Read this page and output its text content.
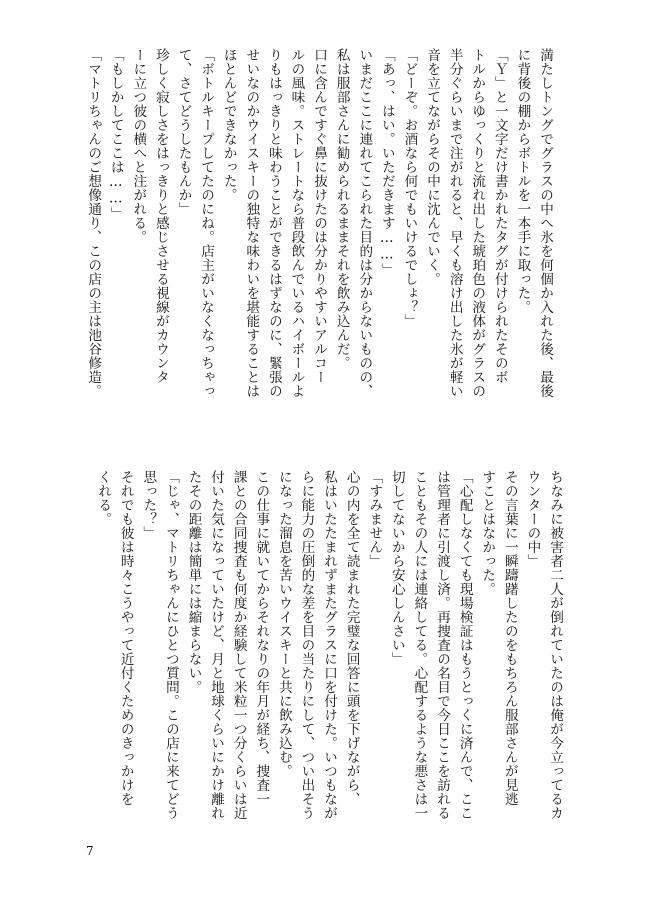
満たしトングでグラスの中へ氷を何個か入れた後、最後
に背後の棚からボトルを一本手に取った。
「Ｙ」と一文字だけ書かれたタグが付けられたそのボ
トルからゆっくりと流れ出した琥珀色の液体がグラスの
半分ぐらいまで注がれると、早くも溶け出した氷が軽い
音を立てながらその中に沈んでいく。
「どーぞ。お酒なら何でもいけるでしょ？」
「あっ、はい。いただきます……」
いまだここに連れてこられた目的は分からないものの、
私は服部さんに勧められるままそれを飲み込んだ。
口に含んですぐ鼻に抜けたのは分かりやすいアルコー
ルの風味。ストレートなら普段飲んでいるハイボールよ
りもはっきりと味わうことができるはずなのに、緊張の
せいなのかウイスキーの独特な味わいを堪能することは
ほとんどできなかった。
「ボトルキープしてたのにね。店主がいなくなっちゃっ
て、さてどうしたもんか」
珍しく寂しさをはっきりと感じさせる視線がカウンタ
ーに立つ彼の横へと注がれる。
「もしかしてここは……」
「マトリちゃんのご想像通り、この店の主は池谷修造。
ちなみに被害者二人が倒れていたのは俺が今立ってるカ
ウンターの中」
その言葉に一瞬躊躇したのをもちろん服部さんが見逃
すことはなかった。
「心配しなくても現場検証はもうとっくに済んで、ここ
は管理者に引渡し済。再捜査の名目で今日ここを訪れる
こともその人には連絡してる。心配するような悪さは一
切してないから安心しんさい」
「すみません」
心の内を全て読まれた完璧な回答に頭を下げながら、
私はいたたまれずまたグラスに口を付けた。いつもなが
らに能力の圧倒的な差を目の当たりにして、つい出そう
になった溜息を苦いウイスキーと共に飲み込む。
この仕事に就いてからそれなりの年月が経ち、捜査一
課との合同捜査も何度か経験して米粒一つ分くらいは近
付いた気になっていたけど、月と地球くらいにかけ離れ
たその距離は簡単には縮まらない。
「じゃ、マトリちゃんにひとつ質問。この店に来てどう
思った？」
それでも彼は時々こうやって近付くためのきっかけを
くれる。
7
